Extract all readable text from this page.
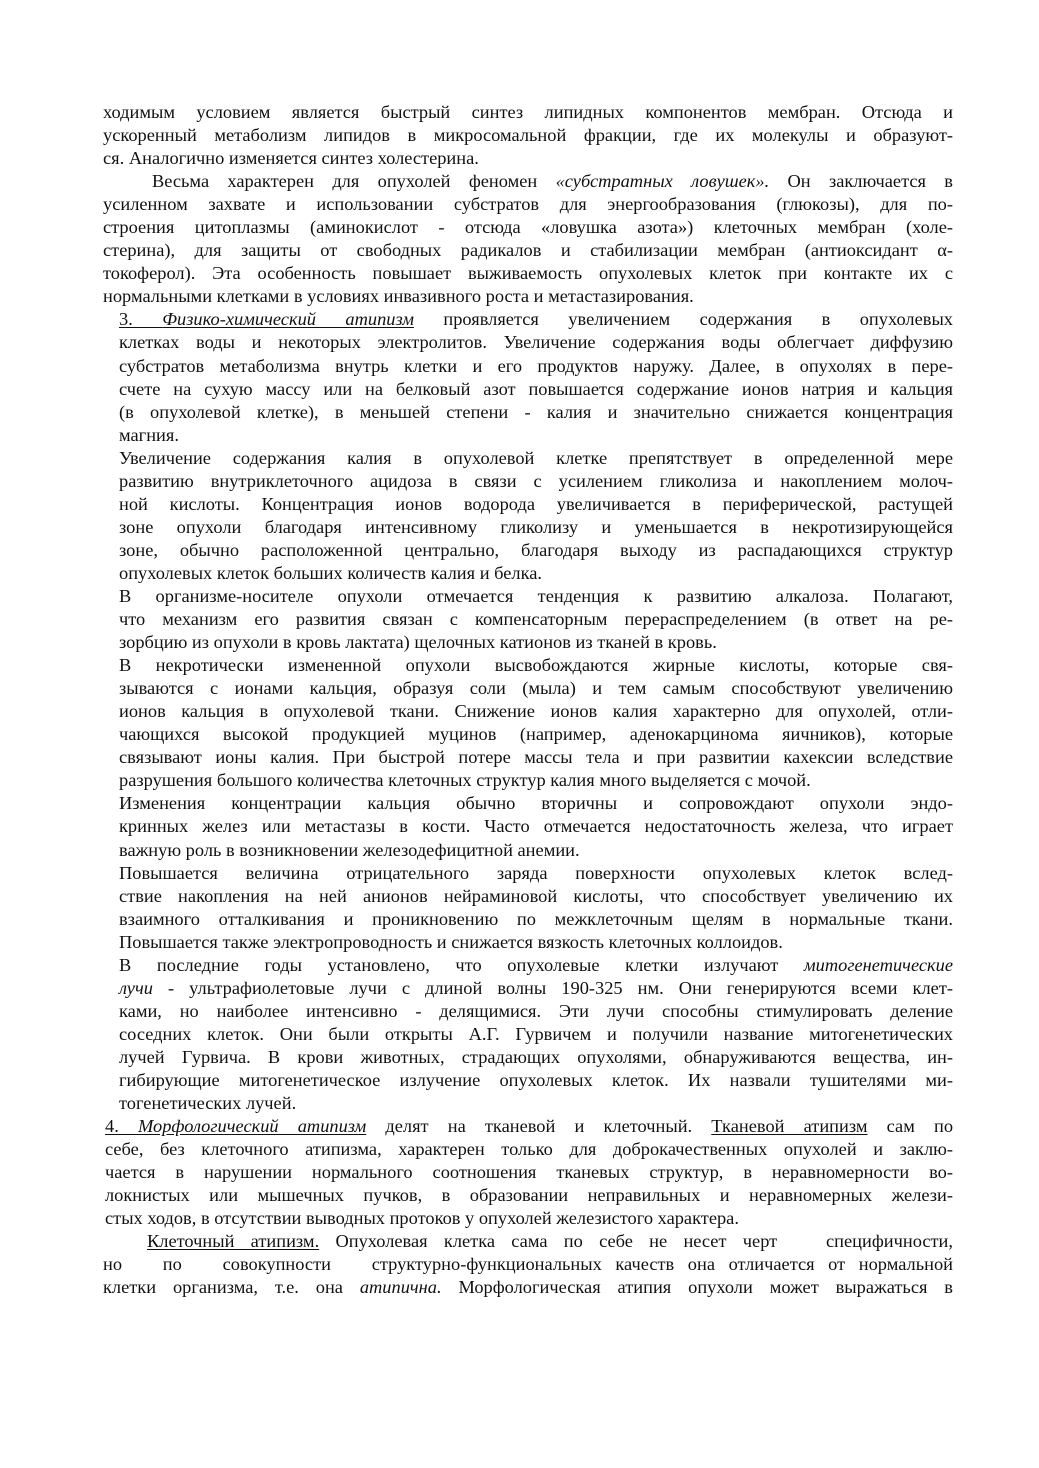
ходимым условием является быстрый синтез липидных компонентов мембран. Отсюда и
ускоренный метаболизм липидов в микросомальной фракции, где их молекулы и образуют-
ся. Аналогично изменяется синтез холестерина.
Весьма характерен для опухолей феномен «субстратных ловушек». Он заключается в
усиленном захвате и использовании субстратов для энергообразования (глюкозы), для по-
строения цитоплазмы (аминокислот - отсюда «ловушка азота») клеточных мембран (холе-
стерина), для защиты от свободных радикалов и стабилизации мембран (антиоксидант α-
токоферол). Эта особенность повышает выживаемость опухолевых клеток при контакте их с
нормальными клетками в условиях инвазивного роста и метастазирования.
3. Физико-химический атипизм проявляется увеличением содержания в опухолевых
клетках воды и некоторых электролитов. Увеличение содержания воды облегчает диффузию
субстратов метаболизма внутрь клетки и его продуктов наружу. Далее, в опухолях в пере-
счете на сухую массу или на белковый азот повышается содержание ионов натрия и кальция
(в опухолевой клетке), в меньшей степени - калия и значительно снижается концентрация
магния.
Увеличение содержания калия в опухолевой клетке препятствует в определенной мере
развитию внутриклеточного ацидоза в связи с усилением гликолиза и накоплением молоч-
ной кислоты. Концентрация ионов водорода увеличивается в периферической, растущей
зоне опухоли благодаря интенсивному гликолизу и уменьшается в некротизирующейся
зоне, обычно расположенной центрально, благодаря выходу из распадающихся структур
опухолевых клеток больших количеств калия и белка.
В организме-носителе опухоли отмечается тенденция к развитию алкалоза. Полагают,
что механизм его развития связан с компенсаторным перераспределением (в ответ на ре-
зорбцию из опухоли в кровь лактата) щелочных катионов из тканей в кровь.
В некротически измененной опухоли высвобождаются жирные кислоты, которые свя-
зываются с ионами кальция, образуя соли (мыла) и тем самым способствуют увеличению
ионов кальция в опухолевой ткани. Снижение ионов калия характерно для опухолей, отли-
чающихся высокой продукцией муцинов (например, аденокарцинома яичников), которые
связывают ионы калия. При быстрой потере массы тела и при развитии кахексии вследствие
разрушения большого количества клеточных структур калия много выделяется с мочой.
Изменения концентрации кальция обычно вторичны и сопровождают опухоли эндо-
кринных желез или метастазы в кости. Часто отмечается недостаточность железа, что играет
важную роль в возникновении железодефицитной анемии.
Повышается величина отрицательного заряда поверхности опухолевых клеток вслед-
ствие накопления на ней анионов нейраминовой кислоты, что способствует увеличению их
взаимного отталкивания и проникновению по межклеточным щелям в нормальные ткани.
Повышается также электропроводность и снижается вязкость клеточных коллоидов.
В последние годы установлено, что опухолевые клетки излучают митогенетические
лучи - ультрафиолетовые лучи с длиной волны 190-325 нм. Они генерируются всеми клет-
ками, но наиболее интенсивно - делящимися. Эти лучи способны стимулировать деление
соседних клеток. Они были открыты А.Г. Гурвичем и получили название митогенетических
лучей Гурвича. В крови животных, страдающих опухолями, обнаруживаются вещества, ин-
гибирующие митогенетическое излучение опухолевых клеток. Их назвали тушителями ми-
тогенетических лучей.
4. Морфологический атипизм делят на тканевой и клеточный. Тканевой атипизм сам по
себе, без клеточного атипизма, характерен только для доброкачественных опухолей и заклю-
чается в нарушении нормального соотношения тканевых структур, в неравномерности во-
локнистых или мышечных пучков, в образовании неправильных и неравномерных желези-
стых ходов, в отсутствии выводных протоков у опухолей железистого характера.
Клеточный атипизм. Опухолевая клетка сама по себе не несет черт   специфичности,
но   по   совокупности   структурно-функциональных качеств она отличается от нормальной
клетки организма, т.е. она атипична. Морфологическая атипия опухоли может выражаться в
